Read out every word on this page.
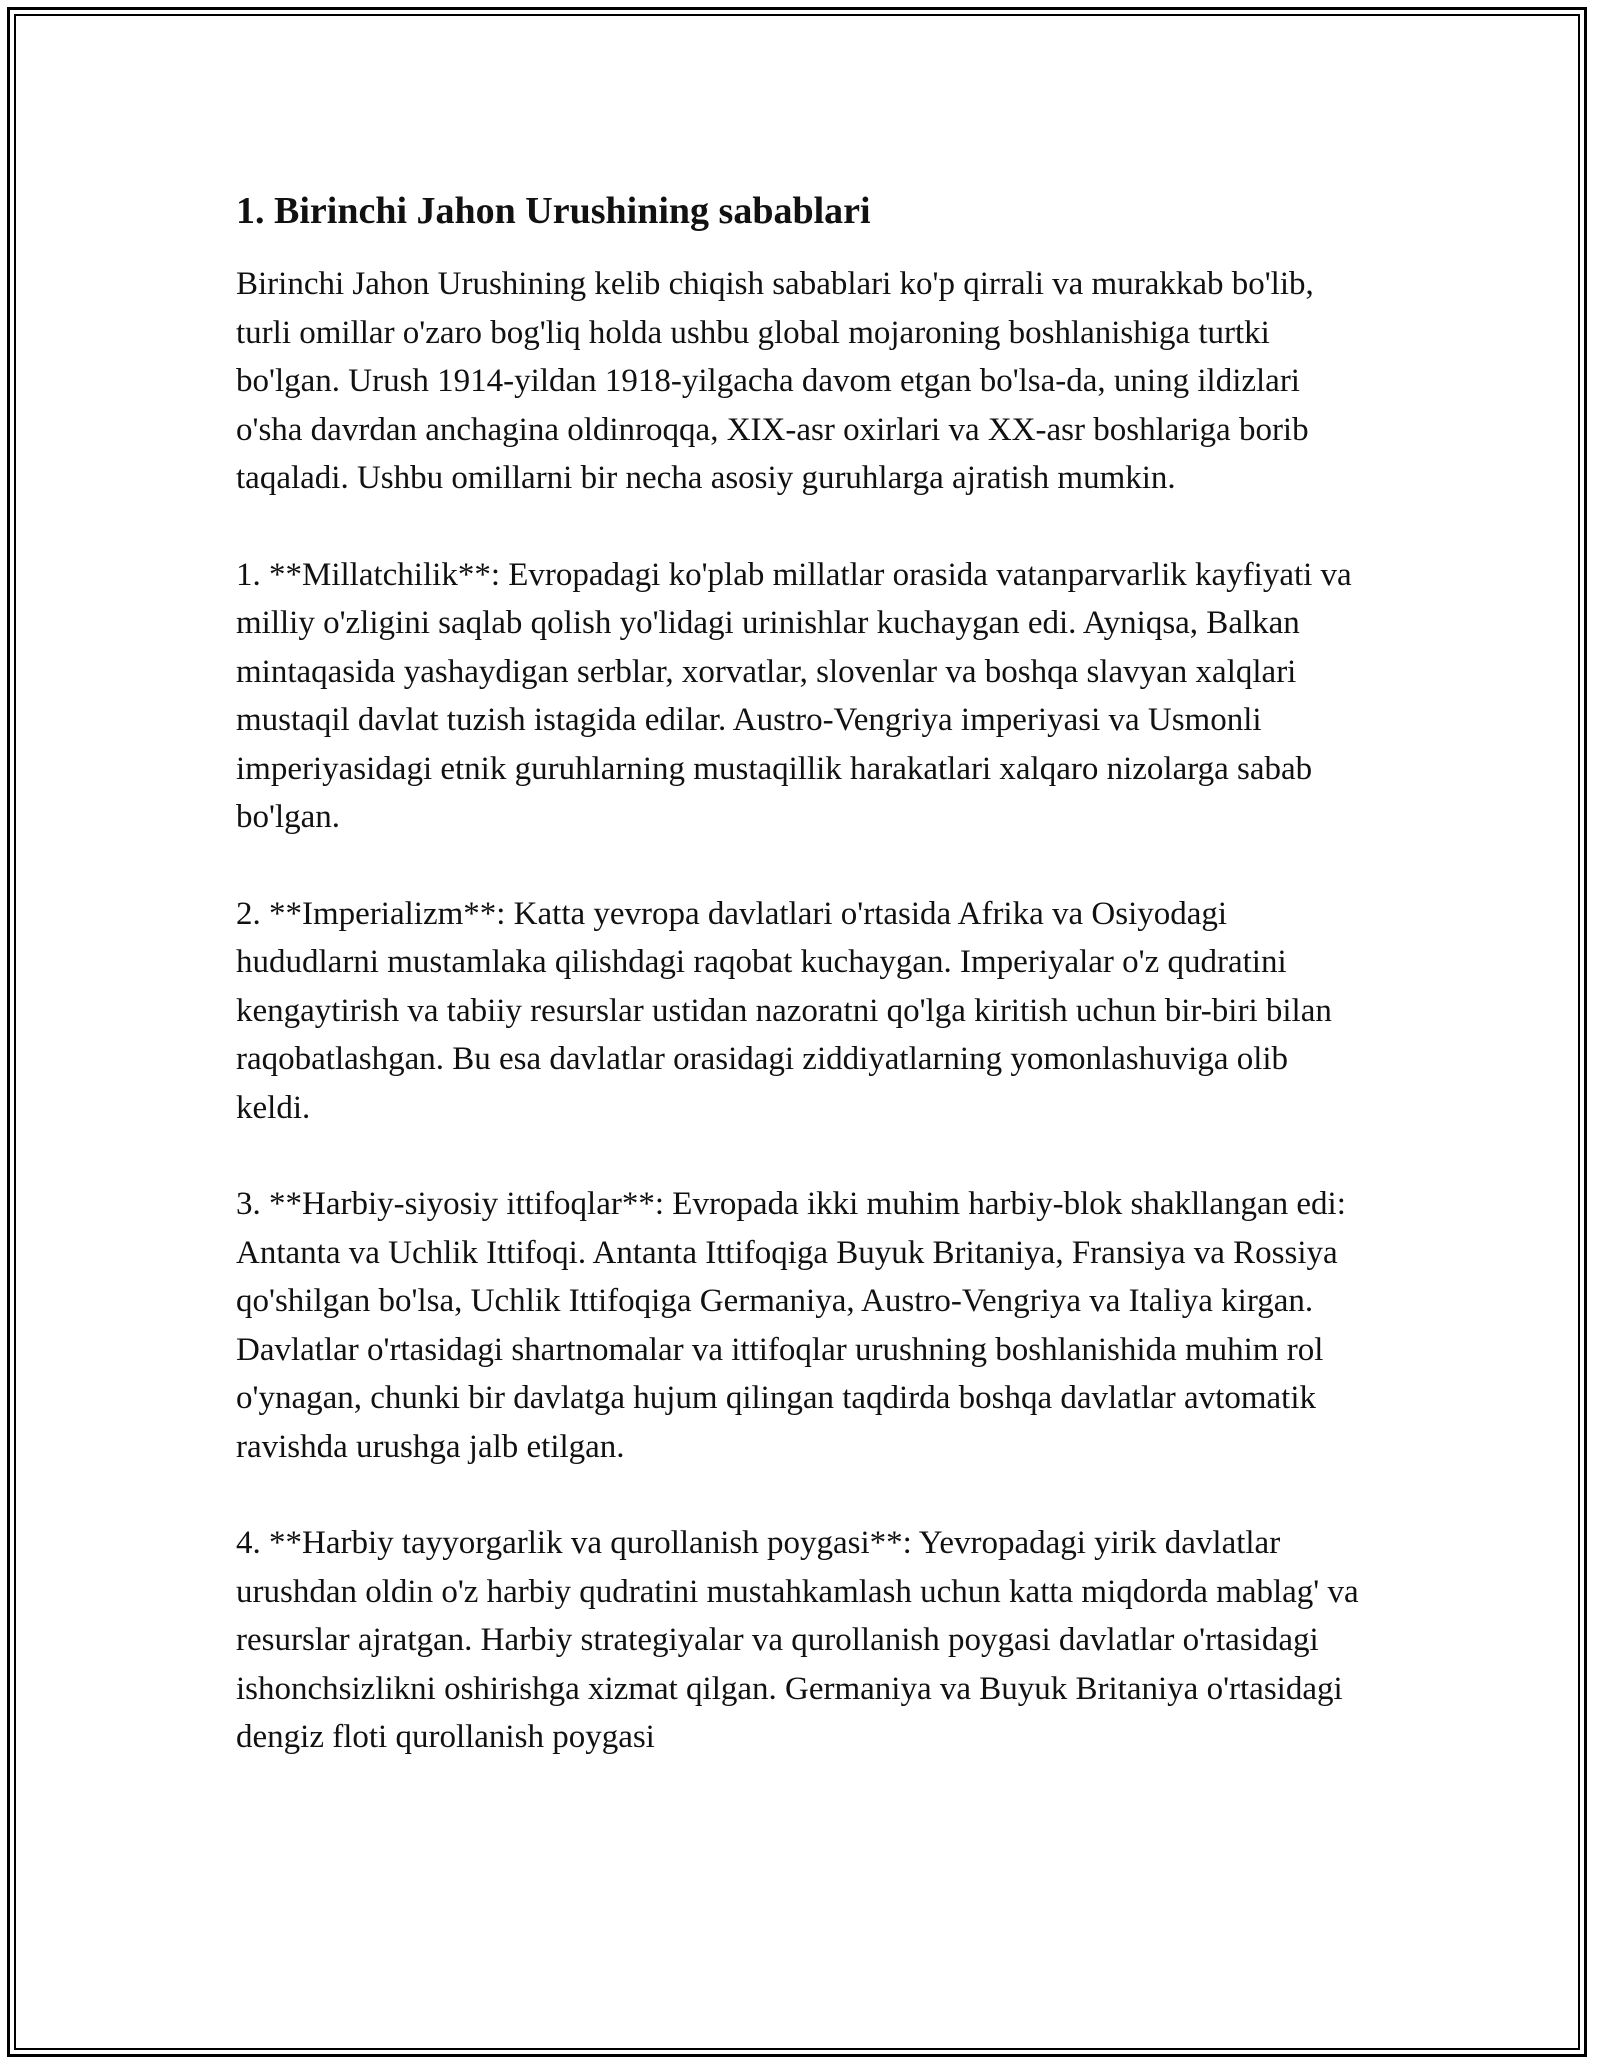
1. Birinchi Jahon Urushining sabablari

Birinchi Jahon Urushining kelib chiqish sabablari ko'p qirrali va murakkab bo'lib, turli omillar o'zaro bog'liq holda ushbu global mojaroning boshlanishiga turtki bo'lgan. Urush 1914-yildan 1918-yilgacha davom etgan bo'lsa-da, uning ildizlari o'sha davrdan anchagina oldinroqqa, XIX-asr oxirlari va XX-asr boshlariga borib taqaladi. Ushbu omillarni bir necha asosiy guruhlarga ajratish mumkin.

1. **Millatchilik**: Evropadagi ko'plab millatlar orasida vatanparvarlik kayfiyati va milliy o'zligini saqlab qolish yo'lidagi urinishlar kuchaygan edi. Ayniqsa, Balkan mintaqasida yashaydigan serblar, xorvatlar, slovenlar va boshqa slavyan xalqlari mustaqil davlat tuzish istagida edilar. Austro-Vengriya imperiyasi va Usmonli imperiyasidagi etnik guruhlarning mustaqillik harakatlari xalqaro nizolarga sabab bo'lgan.

2. **Imperializm**: Katta yevropa davlatlari o'rtasida Afrika va Osiyodagi hududlarni mustamlaka qilishdagi raqobat kuchaygan. Imperiyalar o'z qudratini kengaytirish va tabiiy resurslar ustidan nazoratni qo'lga kiritish uchun bir-biri bilan raqobatlashgan. Bu esa davlatlar orasidagi ziddiyatlarning yomonlashuviga olib keldi.

3. **Harbiy-siyosiy ittifoqlar**: Evropada ikki muhim harbiy-blok shakllangan edi: Antanta va Uchlik Ittifoqi. Antanta Ittifoqiga Buyuk Britaniya, Fransiya va Rossiya qo'shilgan bo'lsa, Uchlik Ittifoqiga Germaniya, Austro-Vengriya va Italiya kirgan. Davlatlar o'rtasidagi shartnomalar va ittifoqlar urushning boshlanishida muhim rol o'ynagan, chunki bir davlatga hujum qilingan taqdirda boshqa davlatlar avtomatik ravishda urushga jalb etilgan.

4. **Harbiy tayyorgarlik va qurollanish poygasi**: Yevropadagi yirik davlatlar urushdan oldin o'z harbiy qudratini mustahkamlash uchun katta miqdorda mablag' va resurslar ajratgan. Harbiy strategiyalar va qurollanish poygasi davlatlar o'rtasidagi ishonchsizlikni oshirishga xizmat qilgan. Germaniya va Buyuk Britaniya o'rtasidagi dengiz floti qurollanish poygasi
